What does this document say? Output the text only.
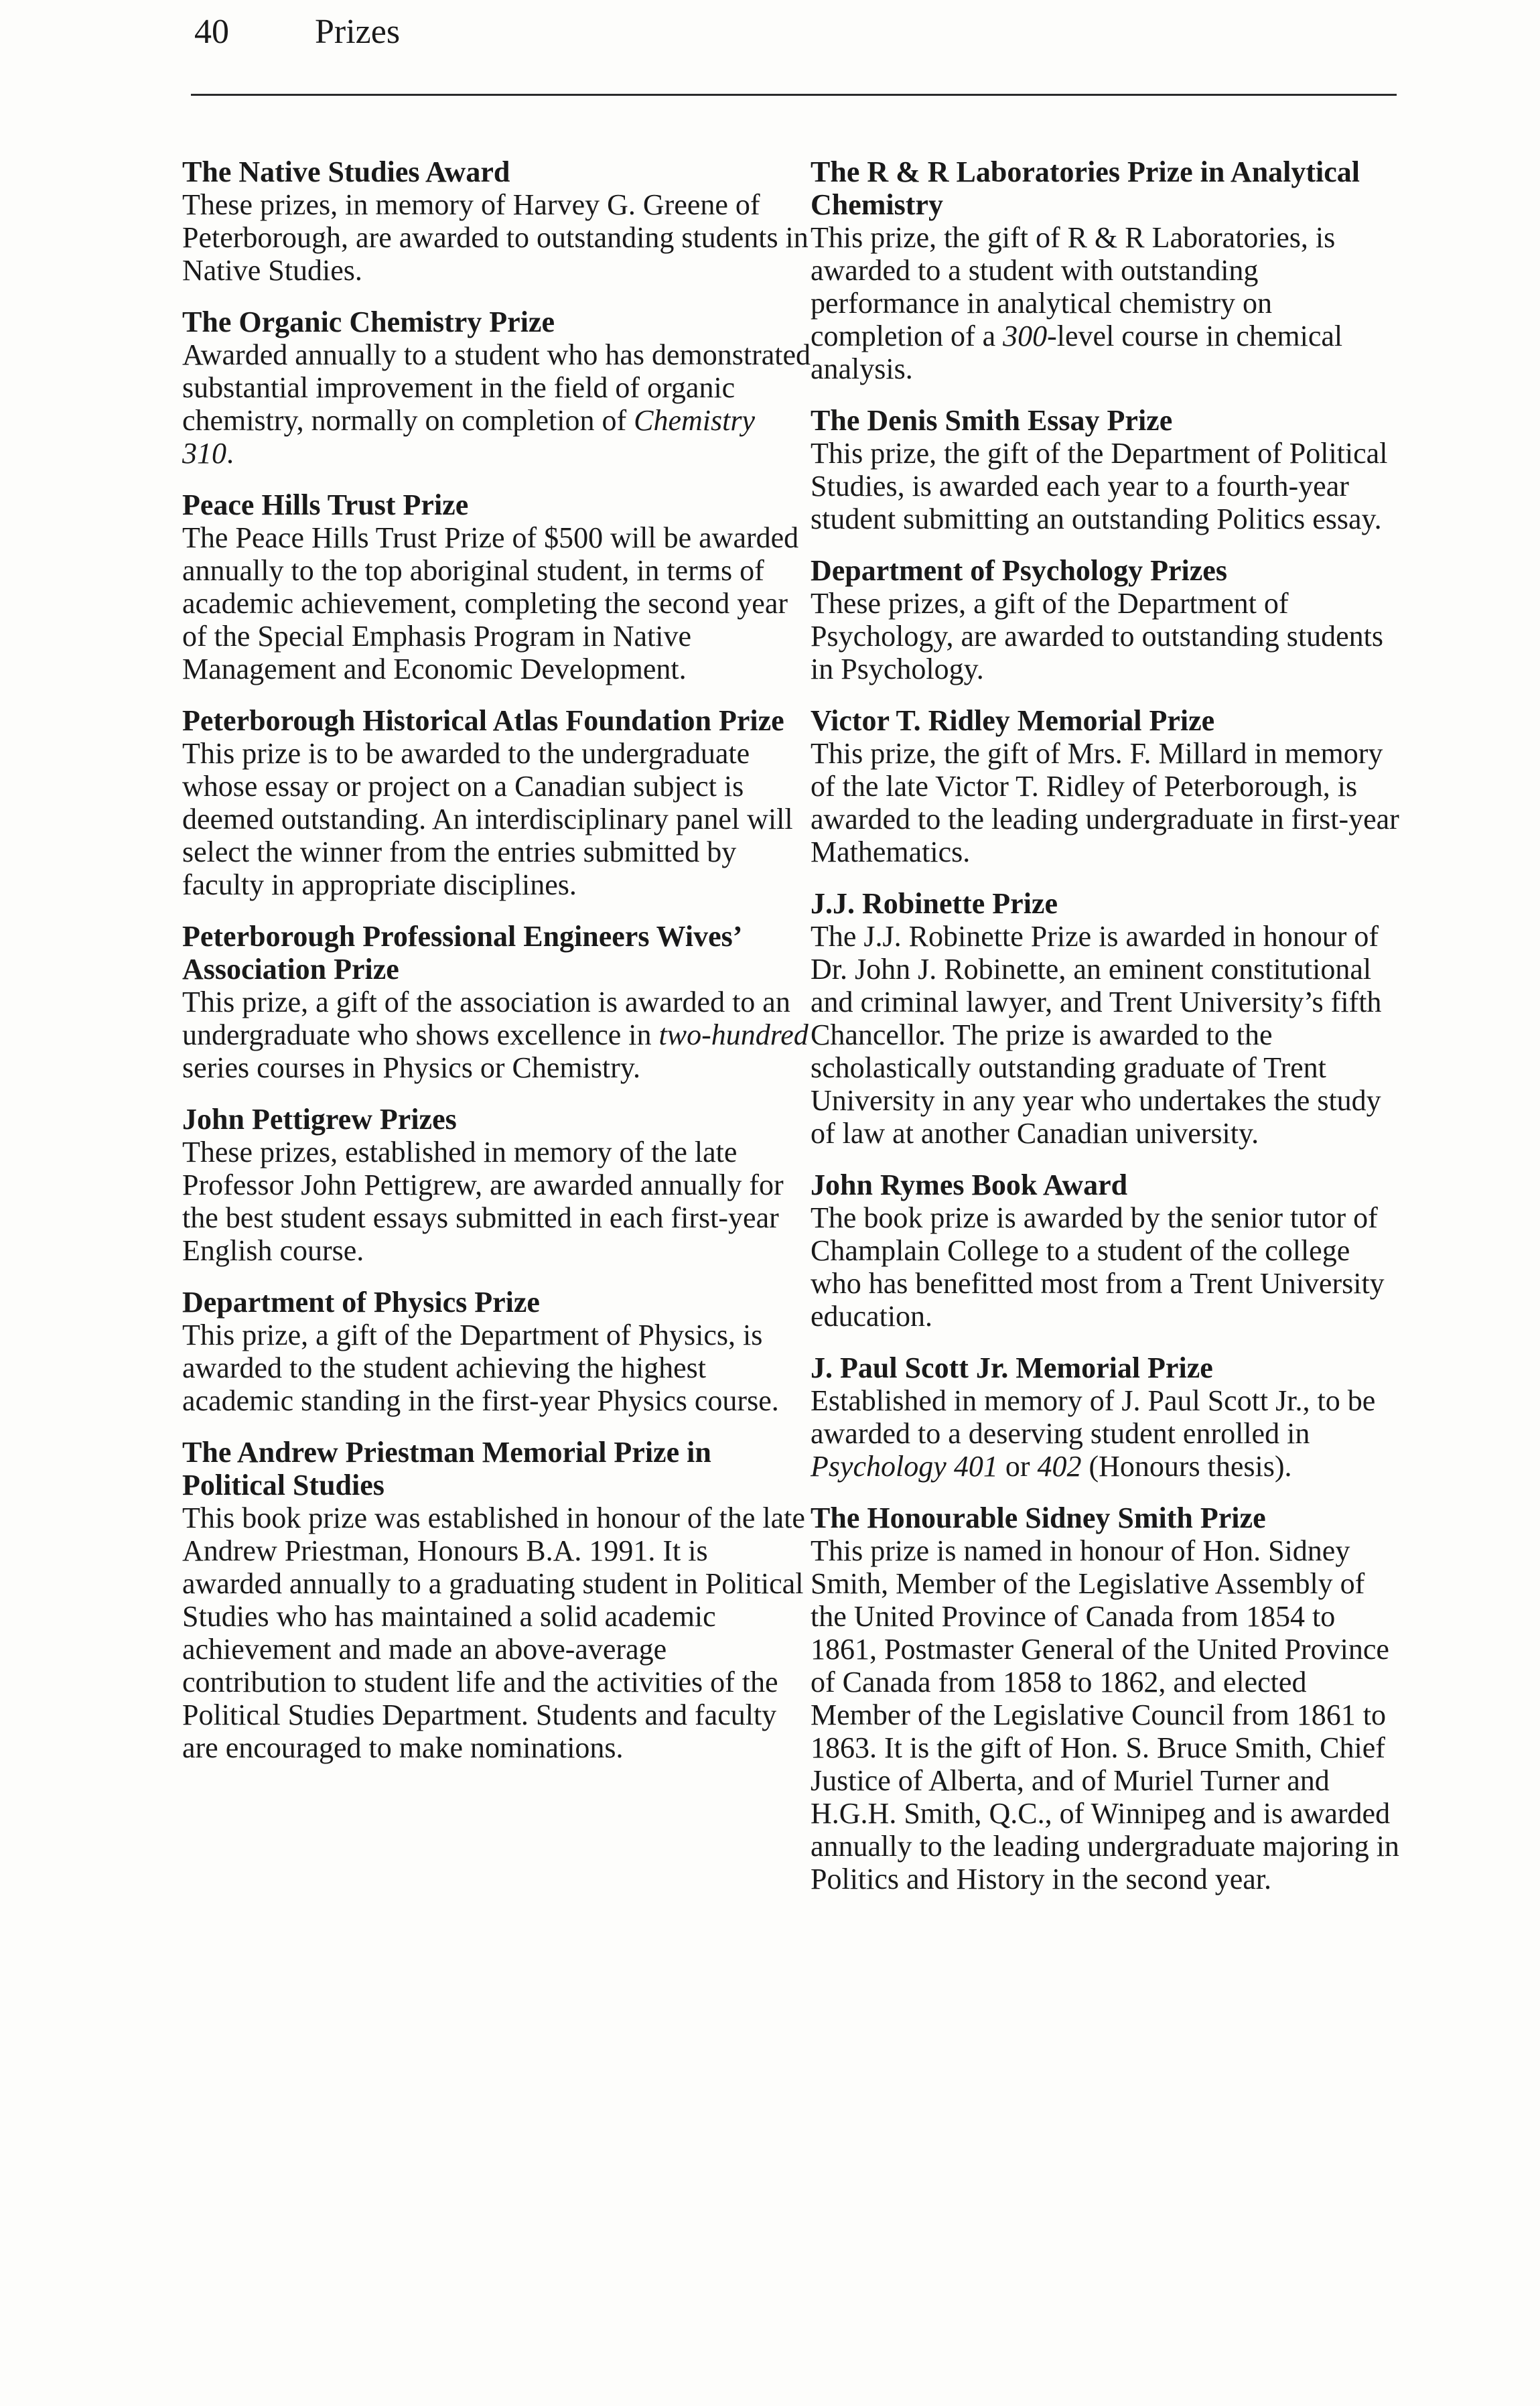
40	Prizes

The Native Studies Award

These prizes, in memory of Harvey G. Greene of Peterborough, are awarded to outstanding students in Native Studies.

The Organic Chemistry Prize

Awarded annually to a student who has demonstrated substantial improvement in the field of organic chemistry, normally on completion of Chemistry 310.

Peace Hills Trust Prize

The Peace Hills Trust Prize of $500 will be awarded annually to the top aboriginal student, in terms of academic achievement, completing the second year of the Special Emphasis Program in Native Management and Economic Development.

Peterborough Historical Atlas Foundation Prize

This prize is to be awarded to the undergraduate whose essay or project on a Canadian subject is deemed outstanding. An interdisciplinary panel will select the winner from the entries submitted by faculty in appropriate disciplines.

Peterborough Professional Engineers Wives’ Association Prize

This prize, a gift of the association is awarded to an undergraduate who shows excellence in two-hundred series courses in Physics or Chemistry.

John Pettigrew Prizes

These prizes, established in memory of the late Professor John Pettigrew, are awarded annually for the best student essays submitted in each first-year English course.

Department of Physics Prize

This prize, a gift of the Department of Physics, is awarded to the student achieving the highest academic standing in the first-year Physics course.

The Andrew Priestman Memorial Prize in Political Studies

This book prize was established in honour of the late Andrew Priestman, Honours B.A. 1991. It is awarded annually to a graduating student in Political Studies who has maintained a solid academic achievement and made an above-average contribution to student life and the activities of the Political Studies Department. Students and faculty are encouraged to make nominations.

The R & R Laboratories Prize in Analytical Chemistry

This prize, the gift of R & R Laboratories, is awarded to a student with outstanding performance in analytical chemistry on completion of a 300-level course in chemical analysis.

The Denis Smith Essay Prize

This prize, the gift of the Department of Political Studies, is awarded each year to a fourth-year student submitting an outstanding Politics essay.

Department of Psychology Prizes

These prizes, a gift of the Department of Psychology, are awarded to outstanding students in Psychology.

Victor T. Ridley Memorial Prize

This prize, the gift of Mrs. F. Millard in memory of the late Victor T. Ridley of Peterborough, is awarded to the leading undergraduate in first-year Mathematics.

J.J. Robinette Prize

The J.J. Robinette Prize is awarded in honour of Dr. John J. Robinette, an eminent constitutional and criminal lawyer, and Trent University’s fifth Chancellor. The prize is awarded to the scholastically outstanding graduate of Trent University in any year who undertakes the study of law at another Canadian university.

John Rymes Book Award

The book prize is awarded by the senior tutor of Champlain College to a student of the college who has benefitted most from a Trent University education.

J. Paul Scott Jr. Memorial Prize

Established in memory of J. Paul Scott Jr., to be awarded to a deserving student enrolled in Psychology 401 or 402 (Honours thesis).

The Honourable Sidney Smith Prize

This prize is named in honour of Hon. Sidney Smith, Member of the Legislative Assembly of the United Province of Canada from 1854 to 1861, Postmaster General of the United Province of Canada from 1858 to 1862, and elected Member of the Legislative Council from 1861 to 1863. It is the gift of Hon. S. Bruce Smith, Chief Justice of Alberta, and of Muriel Turner and H.G.H. Smith, Q.C., of Winnipeg and is awarded annually to the leading undergraduate majoring in Politics and History in the second year.
